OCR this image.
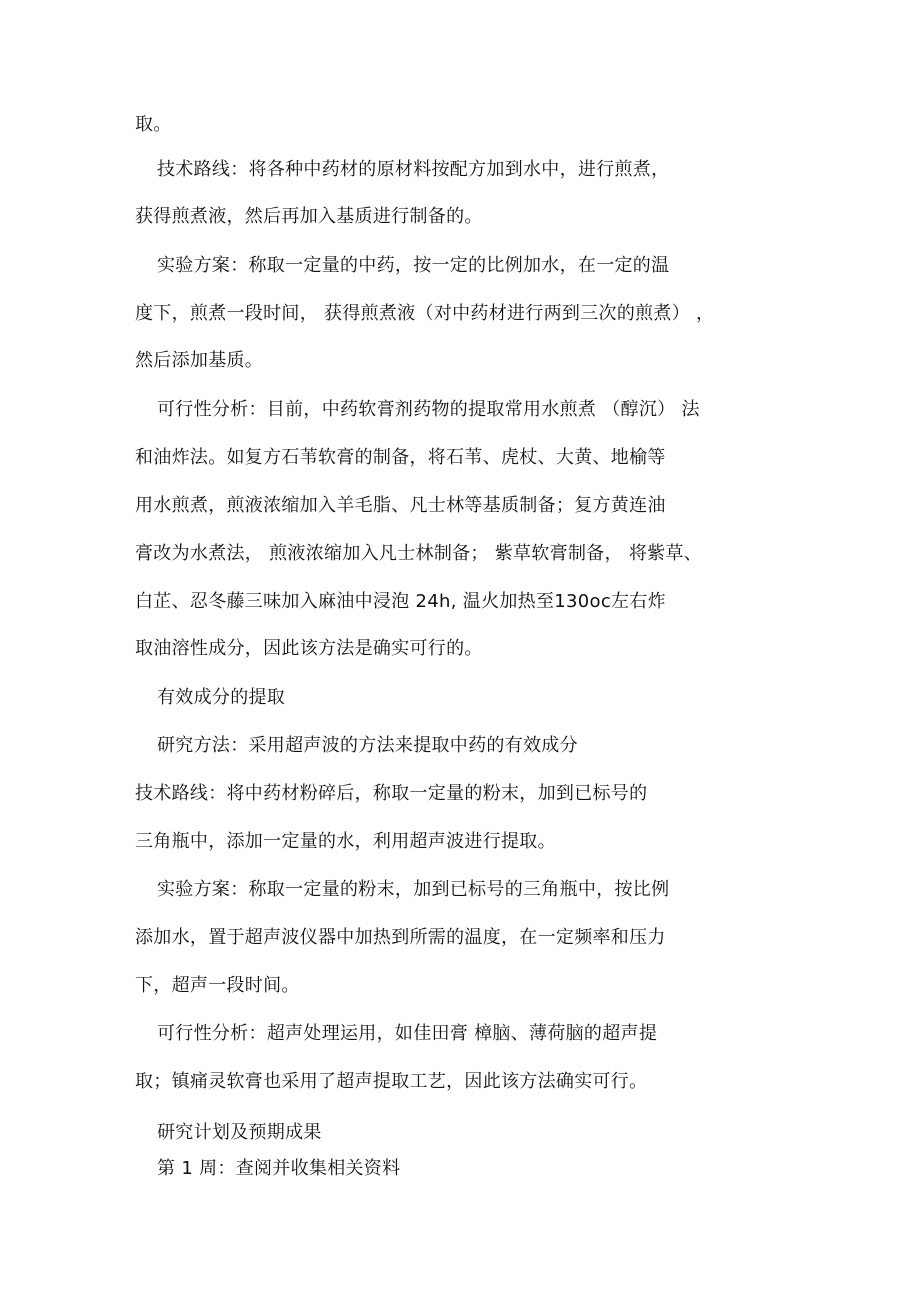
取。
技术路线：将各种中药材的原材料按配方加到水中，进行煎煮，
获得煎煮液，然后再加入基质进行制备的。
实验方案：称取一定量的中药，按一定的比例加水，在一定的温
度下，煎煮一段时间， 获得煎煮液（对中药材进行两到三次的煎煮） ，
然后添加基质。
可行性分析：目前，中药软膏剂药物的提取常用水煎煮 （醇沉） 法
和油炸法。如复方石苇软膏的制备，将石苇、虎杖、大黄、地榆等
用水煎煮，煎液浓缩加入羊毛脂、凡士林等基质制备；复方黄连油
膏改为水煮法， 煎液浓缩加入凡士林制备； 紫草软膏制备， 将紫草、
白芷、忍冬藤三味加入麻油中浸泡 24h, 温火加热至130oc左右炸
取油溶性成分，因此该方法是确实可行的。
有效成分的提取
研究方法：采用超声波的方法来提取中药的有效成分
技术路线：将中药材粉碎后，称取一定量的粉末，加到已标号的
三角瓶中，添加一定量的水，利用超声波进行提取。
实验方案：称取一定量的粉末，加到已标号的三角瓶中，按比例
添加水，置于超声波仪器中加热到所需的温度，在一定频率和压力
下，超声一段时间。
可行性分析：超声处理运用，如佳田膏 樟脑、薄荷脑的超声提
取；镇痛灵软膏也采用了超声提取工艺，因此该方法确实可行。
研究计划及预期成果
第 1 周：查阅并收集相关资料
